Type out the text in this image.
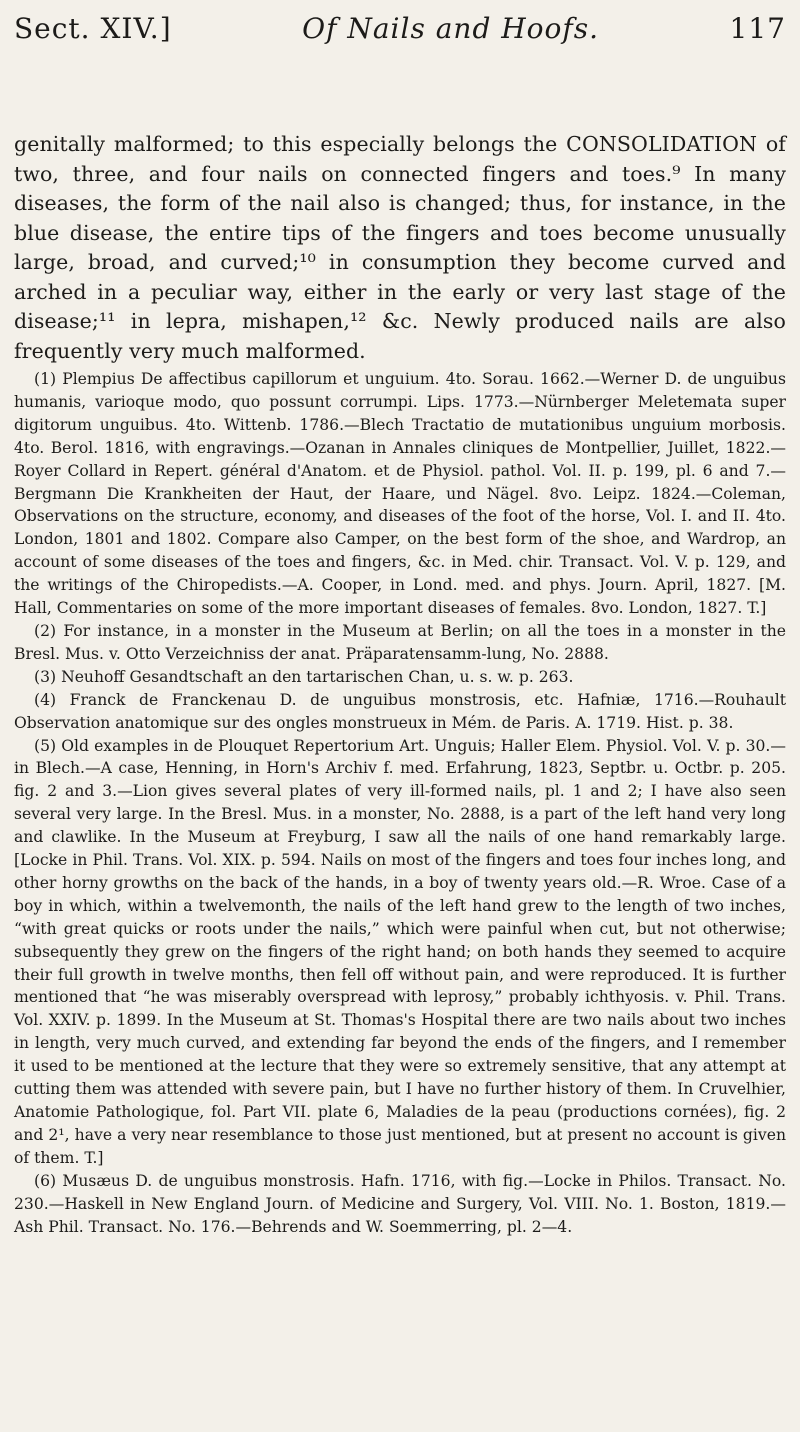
Sect. XIV.]	Of Nails and Hoofs.	117

genitally malformed; to this especially belongs the CONSOLIDATION of two, three, and four nails on connected fingers and toes.⁹ In many diseases, the form of the nail also is changed; thus, for instance, in the blue disease, the entire tips of the fingers and toes become unusually large, broad, and curved;¹⁰ in consumption they become curved and arched in a peculiar way, either in the early or very last stage of the disease;¹¹ in lepra, mishapen,¹² &c. Newly produced nails are also frequently very much malformed.

(1) Plempius De affectibus capillorum et unguium. 4to. Sorau. 1662.—Werner D. de unguibus humanis, varioque modo, quo possunt corrumpi. Lips. 1773.—Nürnberger Meletemata super digitorum unguibus. 4to. Wittenb. 1786.—Blech Tractatio de mutationibus unguium morbosis. 4to. Berol. 1816, with engravings.—Ozanan in Annales cliniques de Montpellier, Juillet, 1822.—Royer Collard in Repert. général d'Anatom. et de Physiol. pathol. Vol. II. p. 199, pl. 6 and 7.—Bergmann Die Krankheiten der Haut, der Haare, und Nägel. 8vo. Leipz. 1824.—Coleman, Observations on the structure, economy, and diseases of the foot of the horse, Vol. I. and II. 4to. London, 1801 and 1802. Compare also Camper, on the best form of the shoe, and Wardrop, an account of some diseases of the toes and fingers, &c. in Med. chir. Transact. Vol. V. p. 129, and the writings of the Chiropedists.—A. Cooper, in Lond. med. and phys. Journ. April, 1827. [M. Hall, Commentaries on some of the more important diseases of females. 8vo. London, 1827. T.]

(2) For instance, in a monster in the Museum at Berlin; on all the toes in a monster in the Bresl. Mus. v. Otto Verzeichniss der anat. Präparatensamm-lung, No. 2888.

(3) Neuhoff Gesandtschaft an den tartarischen Chan, u. s. w. p. 263.

(4) Franck de Franckenau D. de unguibus monstrosis, etc. Hafniæ, 1716.—Rouhault Observation anatomique sur des ongles monstrueux in Mém. de Paris. A. 1719. Hist. p. 38.

(5) Old examples in de Plouquet Repertorium Art. Unguis; Haller Elem. Physiol. Vol. V. p. 30.—in Blech.—A case, Henning, in Horn's Archiv f. med. Erfahrung, 1823, Septbr. u. Octbr. p. 205. fig. 2 and 3.—Lion gives several plates of very ill-formed nails, pl. 1 and 2; I have also seen several very large. In the Bresl. Mus. in a monster, No. 2888, is a part of the left hand very long and clawlike. In the Museum at Freyburg, I saw all the nails of one hand remarkably large. [Locke in Phil. Trans. Vol. XIX. p. 594. Nails on most of the fingers and toes four inches long, and other horny growths on the back of the hands, in a boy of twenty years old.—R. Wroe. Case of a boy in which, within a twelvemonth, the nails of the left hand grew to the length of two inches, “with great quicks or roots under the nails,” which were painful when cut, but not otherwise; subsequently they grew on the fingers of the right hand; on both hands they seemed to acquire their full growth in twelve months, then fell off without pain, and were reproduced. It is further mentioned that “he was miserably overspread with leprosy,” probably ichthyosis. v. Phil. Trans. Vol. XXIV. p. 1899. In the Museum at St. Thomas's Hospital there are two nails about two inches in length, very much curved, and extending far beyond the ends of the fingers, and I remember it used to be mentioned at the lecture that they were so extremely sensitive, that any attempt at cutting them was attended with severe pain, but I have no further history of them. In Cruvelhier, Anatomie Pathologique, fol. Part VII. plate 6, Maladies de la peau (productions cornées), fig. 2 and 2¹, have a very near resemblance to those just mentioned, but at present no account is given of them. T.]

(6) Musæus D. de unguibus monstrosis. Hafn. 1716, with fig.—Locke in Philos. Transact. No. 230.—Haskell in New England Journ. of Medicine and Surgery, Vol. VIII. No. 1. Boston, 1819.—Ash Phil. Transact. No. 176.—Behrends and W. Soemmerring, pl. 2—4.
